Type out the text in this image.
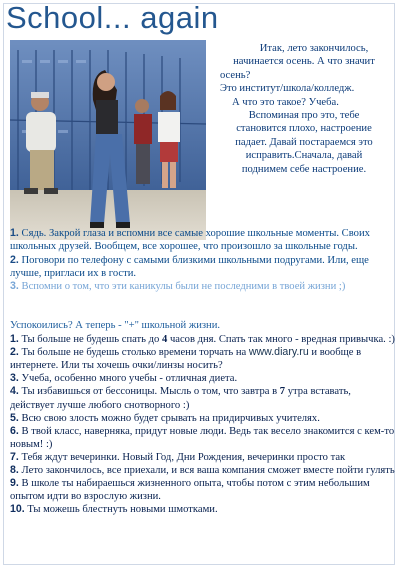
School... again
Итак, лето закончилось,
начинается осень. А что значит
осень?
Это институт/школа/колледж.
А что это такое? Учеба.
Вспоминая про это, тебе
становится плохо, настроение
падает. Давай постараемся это
исправить.Сначала, давай
поднимем себе настроение.

1. Сядь. Закрой глаза и вспомни все самые хорошие школьные моменты. Своих школьных друзей. Вообщем, все хорошее, что произошло за школьные годы.

2. Поговори по телефону с самыми близкими школьными подругами. Или, еще лучше, пригласи их в гости.

3. Вспомни о том, что эти каникулы были не последними в твоей жизни ;)

Успокоились? А теперь - "+" школьной жизни.

1. Ты больше не будешь спать до 4 часов дня. Спать так много - вредная привычка. :)

2. Ты больше не будешь столько времени торчать на www.diary.ru и вообще в интернете. Или ты хочешь очки/линзы носить?

3. Учеба, особенно много учебы - отличная диета.

4. Ты избавишься от бессоницы. Мысль о том, что завтра в 7 утра вставать, действует лучше любого снотворного :)

5. Всю свою злость можно будет срывать на придирчивых учителях.

6. В твой класс, наверняка, придут новые люди. Ведь так весело знакомится с кем-то новым! :)

7. Тебя ждут вечеринки. Новый Год, Дни Рождения, вечеринки просто так

8. Лето закончилось, все приехали, и вся ваша компания сможет вместе пойти гулять

9. В школе ты набираешься жизненного опыта, чтобы потом с этим небольшим опытом идти во взрослую жизни.

10. Ты можешь блестнуть новыми шмотками.
